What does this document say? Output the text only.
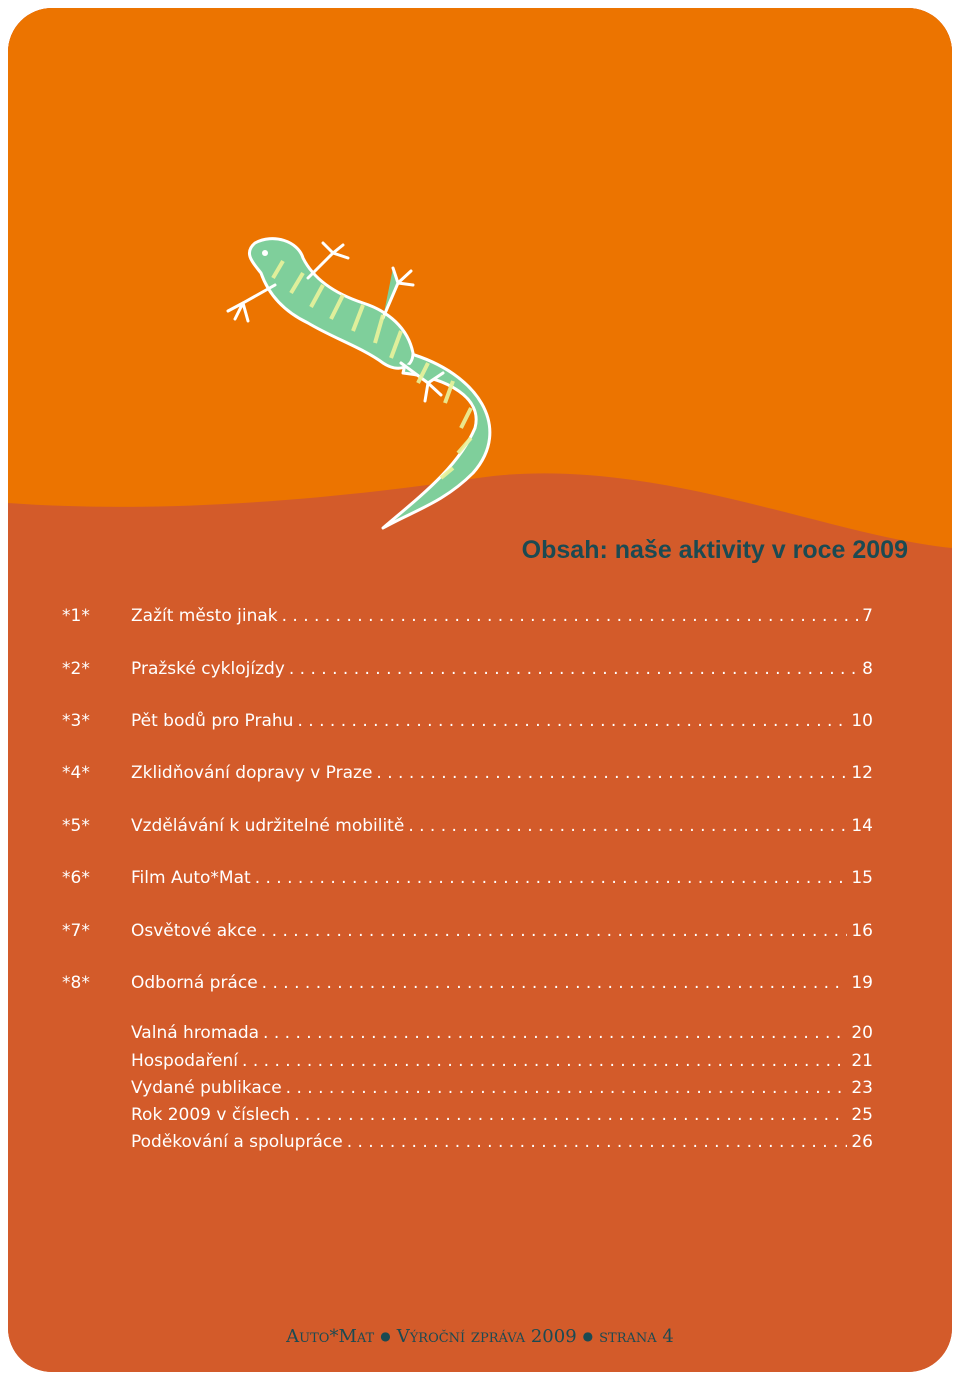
Obsah: naše aktivity v roce 2009
*1* Zažít město jinak . . .	7
*2* Pražské cyklojízdy . . .	8
*3* Pět bodů pro Prahu . . .	10
*4* Zklidňování dopravy v Praze . . .	12
*5* Vzdělávání k udržitelné mobilitě . . .	14
*6* Film Auto*Mat . . .	15
*7* Osvětové akce . . .	16
*8* Odborná práce . . .	19
Valná hromada . . .	20
Hospodaření . . .	21
Vydané publikace . . .	23
Rok 2009 v číslech . . .	25
Poděkování a spolupráce . . .	26
Auto*Mat ● Výroční zpráva 2009 ● strana 4
